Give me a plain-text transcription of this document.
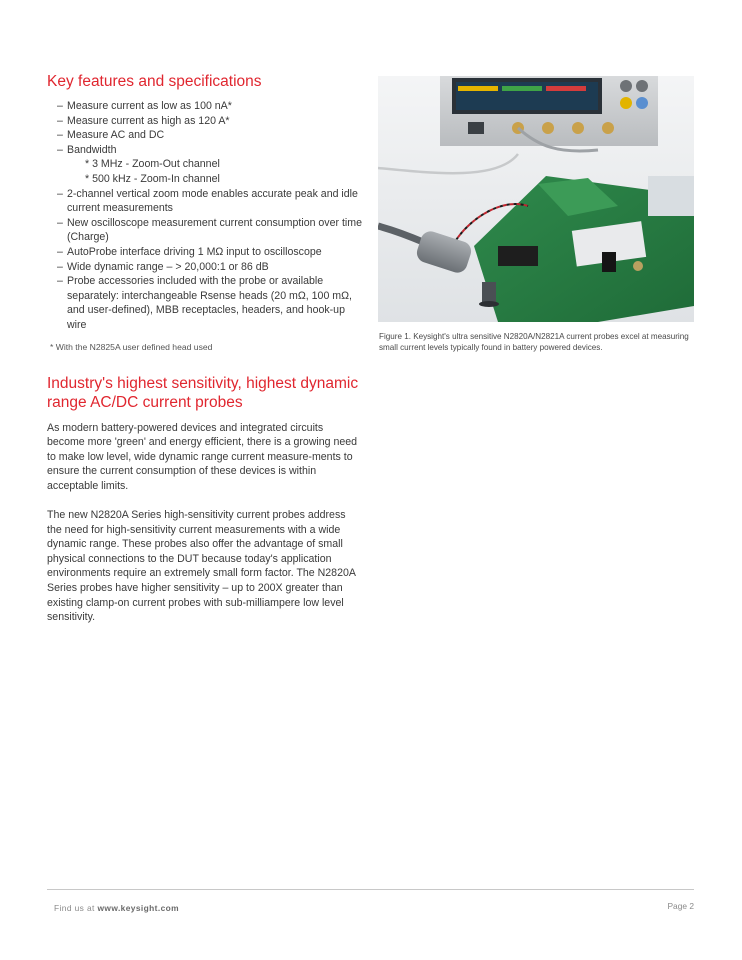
Key features and specifications
– Measure current as low as 100 nA*
– Measure current as high as 120 A*
– Measure AC and DC
– Bandwidth
* 3 MHz - Zoom-Out channel
* 500 kHz - Zoom-In channel
– 2-channel vertical zoom mode enables accurate peak and idle current measurements
– New oscilloscope measurement current consumption over time (Charge)
– AutoProbe interface driving 1 MΩ input to oscilloscope
– Wide dynamic range – > 20,000:1 or 86 dB
– Probe accessories included with the probe or available separately: interchangeable Rsense heads (20 mΩ, 100 mΩ, and user-defined), MBB receptacles, headers, and hook-up wire

* With the N2825A user defined head used

Industry's highest sensitivity, highest dynamic range AC/DC current probes

As modern battery-powered devices and integrated circuits become more 'green' and energy efficient, there is a growing need to make low level, wide dynamic range current measure-ments to ensure the current consumption of these devices is within acceptable limits.

The new N2820A Series high-sensitivity current probes address the need for high-sensitivity current measurements with a wide dynamic range. These probes also offer the advantage of small physical connections to the DUT because today's application environments require an extremely small form factor. The N2820A Series probes have higher sensitivity – up to 200X greater than existing clamp-on current probes with sub-milliampere low level sensitivity.

Figure 1. Keysight's ultra sensitive N2820A/N2821A current probes excel at measuring small current levels typically found in battery powered devices.

Find us at www.keysight.com	Page 2
